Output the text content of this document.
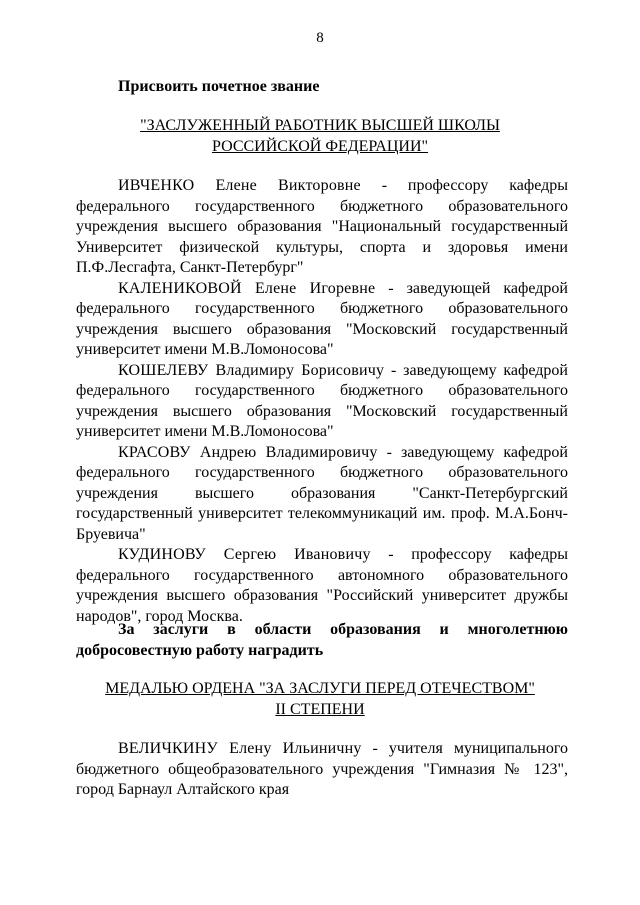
8
Присвоить почетное звание
"ЗАСЛУЖЕННЫЙ РАБОТНИК ВЫСШЕЙ ШКОЛЫ
РОССИЙСКОЙ ФЕДЕРАЦИИ"

ИВЧЕНКО Елене Викторовне - профессору кафедры федерального государственного бюджетного образовательного учреждения высшего образования "Национальный государственный Университет физической культуры, спорта и здоровья имени П.Ф.Лесгафта, Санкт-Петербург"

КАЛЕНИКОВОЙ Елене Игоревне - заведующей кафедрой федерального государственного бюджетного образовательного учреждения высшего образования "Московский государственный университет имени М.В.Ломоносова"

КОШЕЛЕВУ Владимиру Борисовичу - заведующему кафедрой федерального государственного бюджетного образовательного учреждения высшего образования "Московский государственный университет имени М.В.Ломоносова"

КРАСОВУ Андрею Владимировичу - заведующему кафедрой федерального государственного бюджетного образовательного учреждения высшего образования "Санкт-Петербургский государственный университет телекоммуникаций им. проф. М.А.Бонч-Бруевича"

КУДИНОВУ Сергею Ивановичу - профессору кафедры федерального государственного автономного образовательного учреждения высшего образования "Российский университет дружбы народов", город Москва.

За заслуги в области образования и многолетнюю добросовестную работу наградить
МЕДАЛЬЮ ОРДЕНА "ЗА ЗАСЛУГИ ПЕРЕД ОТЕЧЕСТВОМ"
II СТЕПЕНИ

ВЕЛИЧКИНУ Елену Ильиничну - учителя муниципального бюджетного общеобразовательного учреждения "Гимназия № 123", город Барнаул Алтайского края
